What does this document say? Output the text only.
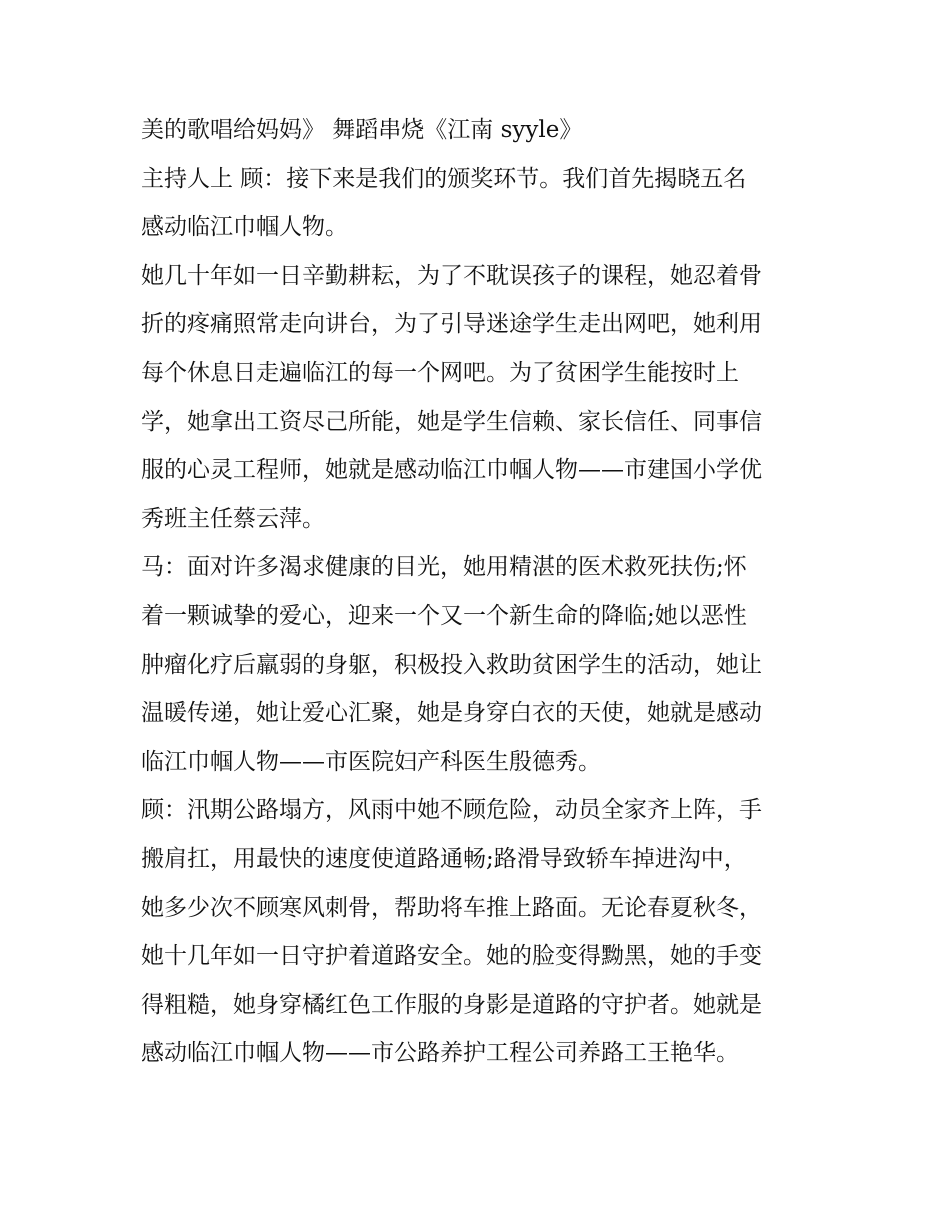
美的歌唱给妈妈》 舞蹈串烧《江南 syyle》
主持人上 顾：接下来是我们的颁奖环节。我们首先揭晓五名
感动临江巾帼人物。
她几十年如一日辛勤耕耘，为了不耽误孩子的课程，她忍着骨
折的疼痛照常走向讲台，为了引导迷途学生走出网吧，她利用
每个休息日走遍临江的每一个网吧。为了贫困学生能按时上
学，她拿出工资尽己所能，她是学生信赖、家长信任、同事信
服的心灵工程师，她就是感动临江巾帼人物——市建国小学优
秀班主任蔡云萍。
马：面对许多渴求健康的目光，她用精湛的医术救死扶伤;怀
着一颗诚挚的爱心，迎来一个又一个新生命的降临;她以恶性
肿瘤化疗后羸弱的身躯，积极投入救助贫困学生的活动，她让
温暖传递，她让爱心汇聚，她是身穿白衣的天使，她就是感动
临江巾帼人物——市医院妇产科医生殷德秀。
顾：汛期公路塌方，风雨中她不顾危险，动员全家齐上阵，手
搬肩扛，用最快的速度使道路通畅;路滑导致轿车掉进沟中，
她多少次不顾寒风刺骨，帮助将车推上路面。无论春夏秋冬，
她十几年如一日守护着道路安全。她的脸变得黝黑，她的手变
得粗糙，她身穿橘红色工作服的身影是道路的守护者。她就是
感动临江巾帼人物——市公路养护工程公司养路工王艳华。
